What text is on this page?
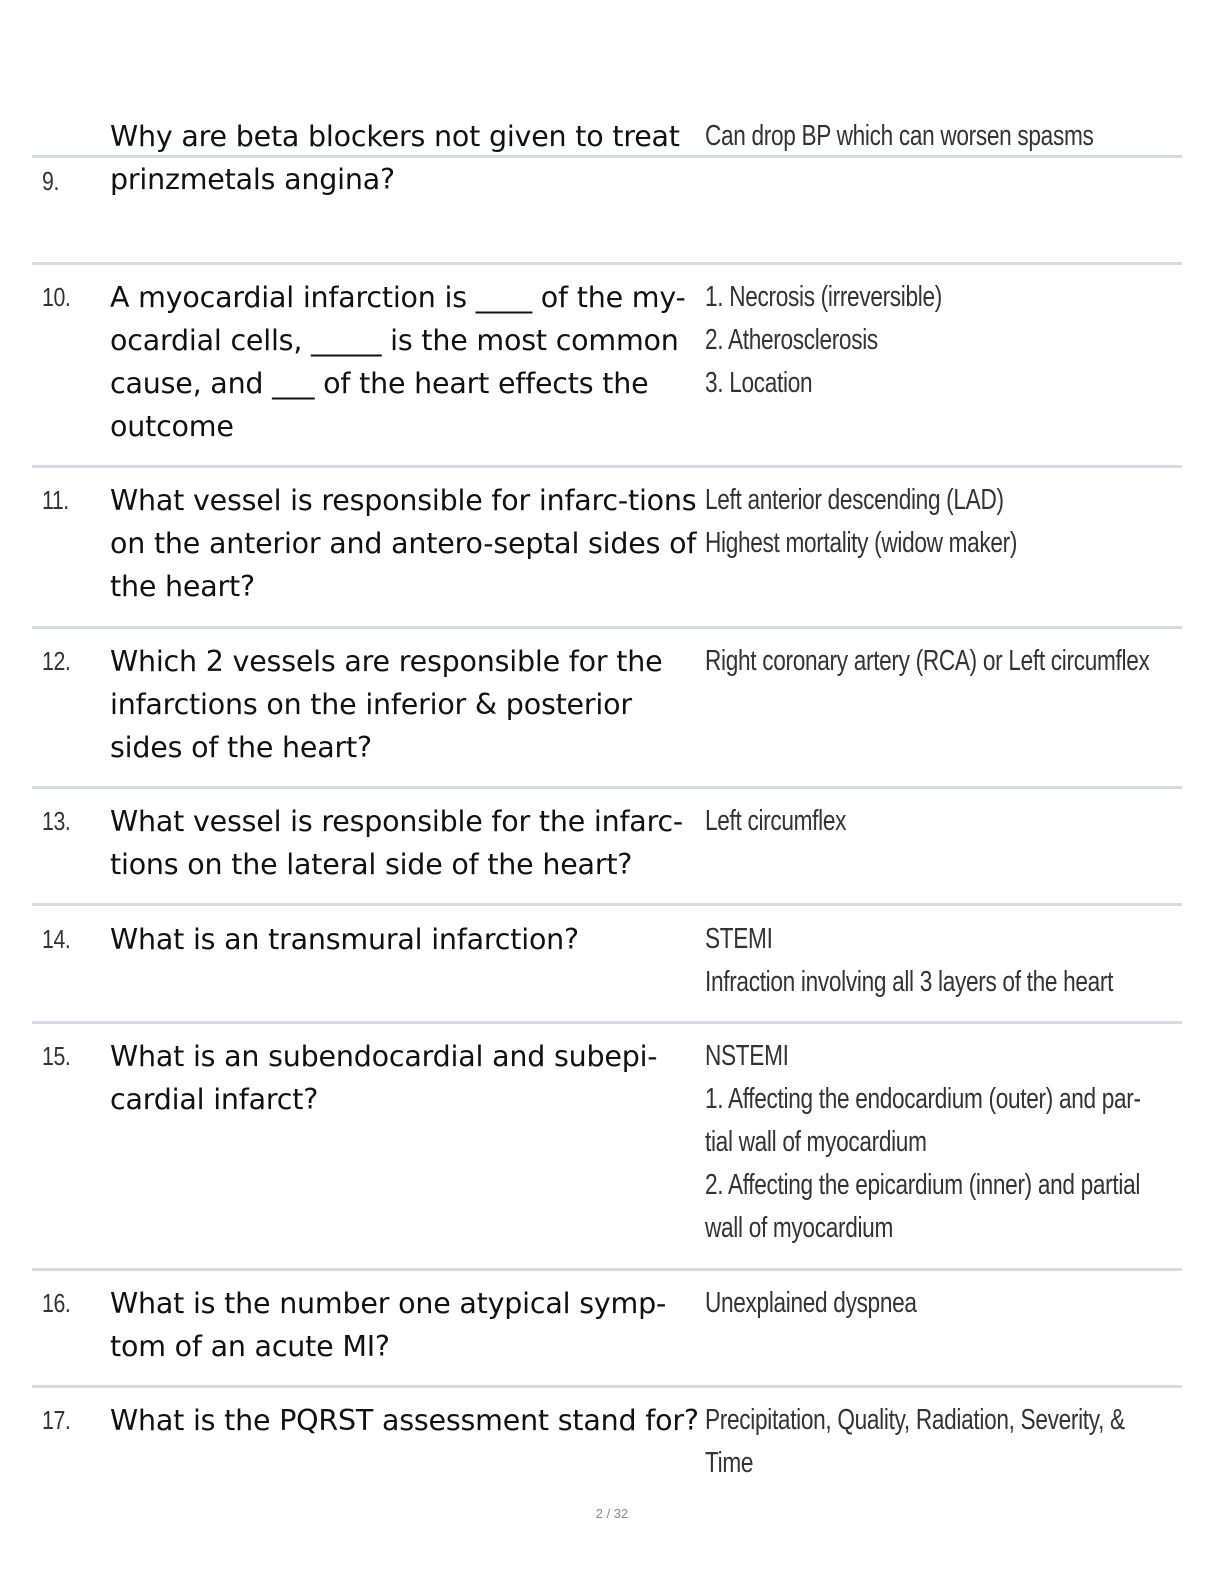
Why are beta blockers not given to treat prinzmetals angina?
9.
Can drop BP which can worsen spasms
10. A myocardial infarction is ____ of the my-ocardial cells, _____ is the most common cause, and ___ of the heart effects the outcome
1. Necrosis (irreversible)
2. Atherosclerosis
3. Location
11. What vessel is responsible for infarc-tions on the anterior and antero-septal sides of the heart?
Left anterior descending (LAD)
Highest mortality (widow maker)
12. Which 2 vessels are responsible for the infarctions on the inferior & posterior sides of the heart?
Right coronary artery (RCA) or Left circumflex
13. What vessel is responsible for the infarc-tions on the lateral side of the heart?
Left circumflex
14. What is an transmural infarction?	STEMI
Infraction involving all 3 layers of the heart
15. What is an subendocardial and subepi-cardial infarct?
NSTEMI
1. Affecting the endocardium (outer) and par-
tial wall of myocardium
2. Affecting the epicardium (inner) and partial
wall of myocardium
16. What is the number one atypical symp-tom of an acute MI?
Unexplained dyspnea
17. What is the PQRST assessment stand for? Precipitation, Quality, Radiation, Severity, &
Time
2 / 32
